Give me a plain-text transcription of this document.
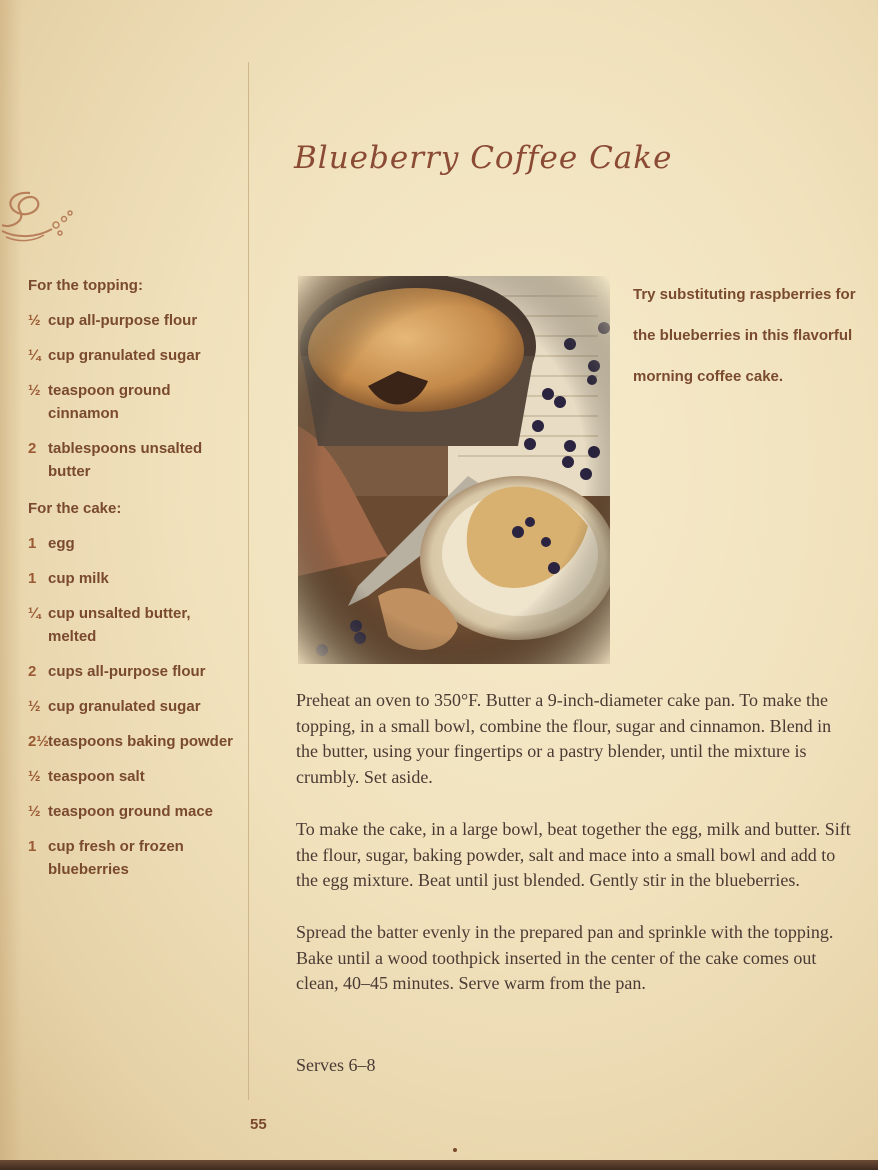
For the topping:
½ cup all-purpose flour
¼ cup granulated sugar
½ teaspoon ground cinnamon
2 tablespoons unsalted butter
For the cake:
1 egg
1 cup milk
¼ cup unsalted butter, melted
2 cups all-purpose flour
½ cup granulated sugar
2½ teaspoons baking powder
½ teaspoon salt
½ teaspoon ground mace
1 cup fresh or frozen blueberries
Blueberry Coffee Cake
Try substituting raspberries for the blueberries in this flavorful morning coffee cake.

Preheat an oven to 350°F. Butter a 9-inch-diameter cake pan. To make the topping, in a small bowl, combine the flour, sugar and cinnamon. Blend in the butter, using your fingertips or a pastry blender, until the mixture is crumbly. Set aside.

To make the cake, in a large bowl, beat together the egg, milk and butter. Sift the flour, sugar, baking powder, salt and mace into a small bowl and add to the egg mixture. Beat until just blended. Gently stir in the blueberries.

Spread the batter evenly in the prepared pan and sprinkle with the topping. Bake until a wood toothpick inserted in the center of the cake comes out clean, 40–45 minutes. Serve warm from the pan.

Serves 6–8
55
